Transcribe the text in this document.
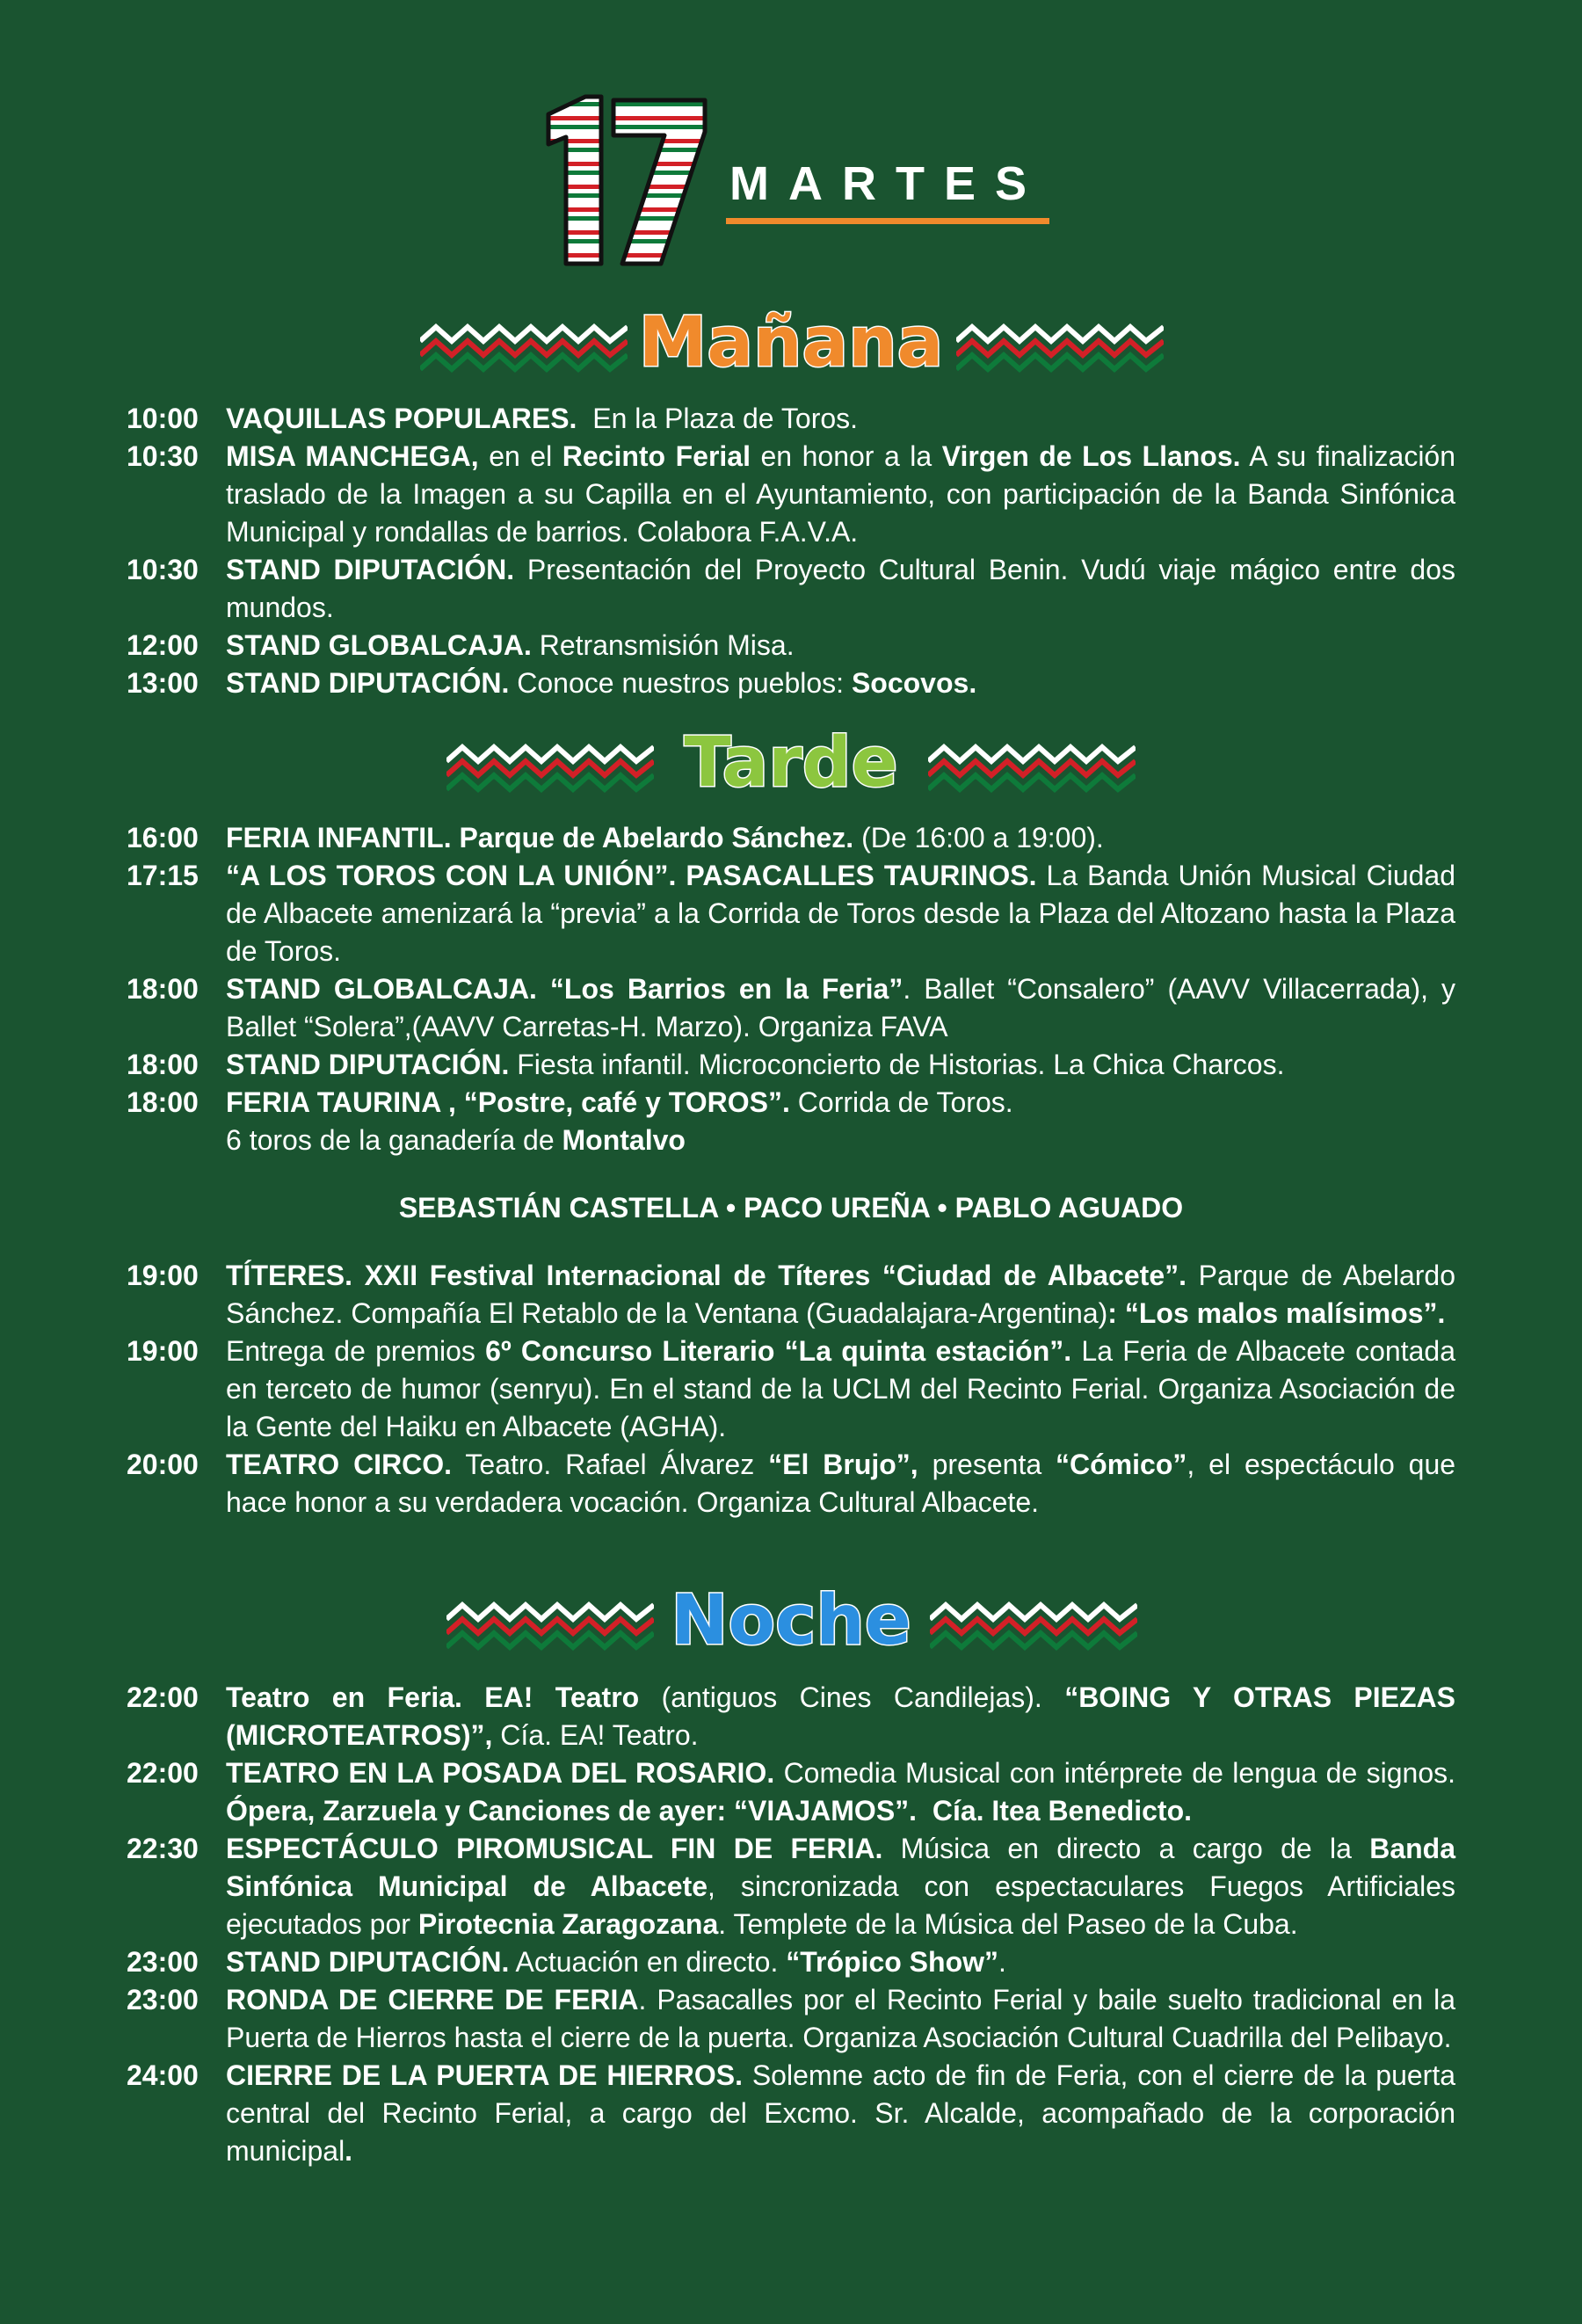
MARTES
Mañana
10:00 VAQUILLAS POPULARES.  En la Plaza de Toros.
10:30 MISA MANCHEGA, en el Recinto Ferial en honor a la Virgen de Los Llanos. A su finalización traslado de la Imagen a su Capilla en el Ayuntamiento, con participación de la Banda Sinfónica Municipal y rondallas de barrios. Colabora F.A.V.A.
10:30 STAND DIPUTACIÓN. Presentación del Proyecto Cultural Benin. Vudú viaje mágico entre dos mundos.
12:00 STAND GLOBALCAJA. Retransmisión Misa.
13:00 STAND DIPUTACIÓN. Conoce nuestros pueblos: Socovos.
Tarde
16:00 FERIA INFANTIL. Parque de Abelardo Sánchez. (De 16:00 a 19:00).
17:15 “A LOS TOROS CON LA UNIÓN”. PASACALLES TAURINOS. La Banda Unión Musical Ciudad de Albacete amenizará la “previa” a la Corrida de Toros desde la Plaza del Altozano hasta la Plaza de Toros.
18:00 STAND GLOBALCAJA. “Los Barrios en la Feria”. Ballet “Consalero” (AAVV Villacerrada), y Ballet “Solera”,(AAVV Carretas-H. Marzo). Organiza FAVA
18:00 STAND DIPUTACIÓN. Fiesta infantil. Microconcierto de Historias. La Chica Charcos.
18:00 FERIA TAURINA , “Postre, café y TOROS”. Corrida de Toros.
6 toros de la ganadería de Montalvo
SEBASTIÁN CASTELLA • PACO UREÑA • PABLO AGUADO
19:00 TÍTERES. XXII Festival Internacional de Títeres “Ciudad de Albacete”. Parque de Abelardo Sánchez. Compañía El Retablo de la Ventana (Guadalajara-Argentina): “Los malos malísimos”.
19:00 Entrega de premios 6º Concurso Literario “La quinta estación”. La Feria de Albacete contada en terceto de humor (senryu). En el stand de la UCLM del Recinto Ferial. Organiza Asociación de la Gente del Haiku en Albacete (AGHA).
20:00 TEATRO CIRCO. Teatro. Rafael Álvarez “El Brujo”, presenta “Cómico”, el espectáculo que hace honor a su verdadera vocación. Organiza Cultural Albacete.
Noche
22:00 Teatro en Feria. EA! Teatro (antiguos Cines Candilejas). “BOING Y OTRAS PIEZAS (MICROTEATROS)”, Cía. EA! Teatro.
22:00 TEATRO EN LA POSADA DEL ROSARIO. Comedia Musical con intérprete de lengua de signos. Ópera, Zarzuela y Canciones de ayer: “VIAJAMOS”.  Cía. Itea Benedicto.
22:30 ESPECTÁCULO PIROMUSICAL FIN DE FERIA. Música en directo a cargo de la Banda Sinfónica Municipal de Albacete, sincronizada con espectaculares Fuegos Artificiales ejecutados por Pirotecnia Zaragozana. Templete de la Música del Paseo de la Cuba.
23:00 STAND DIPUTACIÓN. Actuación en directo. “Trópico Show”.
23:00 RONDA DE CIERRE DE FERIA. Pasacalles por el Recinto Ferial y baile suelto tradicional en la Puerta de Hierros hasta el cierre de la puerta. Organiza Asociación Cultural Cuadrilla del Pelibayo.
24:00 CIERRE DE LA PUERTA DE HIERROS. Solemne acto de fin de Feria, con el cierre de la puerta central del Recinto Ferial, a cargo del Excmo. Sr. Alcalde, acompañado de la corporación municipal.
